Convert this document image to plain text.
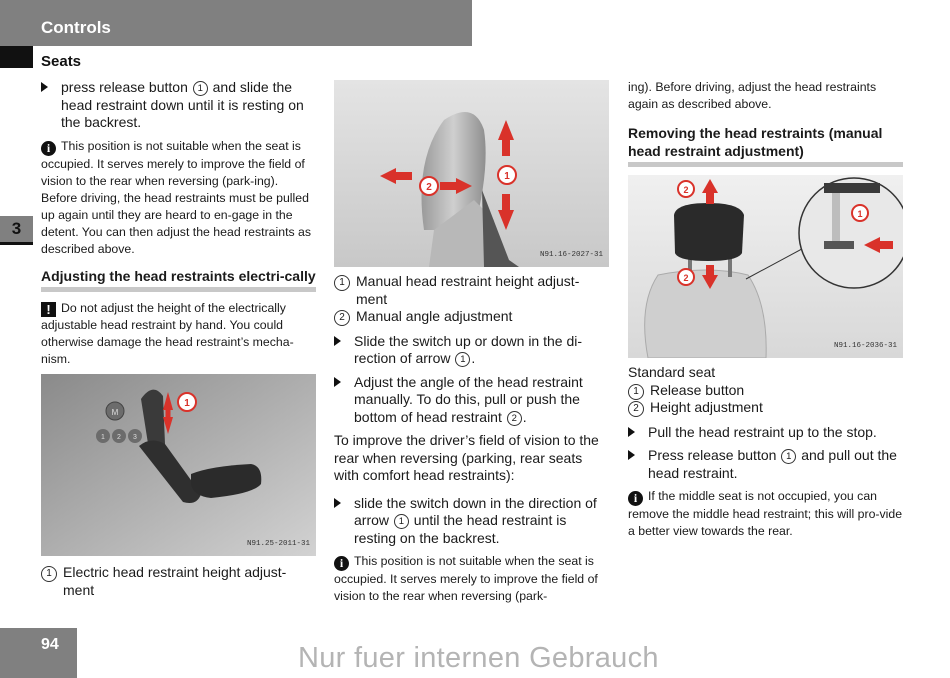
Controls
Seats
3

press release button 1 and slide the head restraint down until it is resting on the backrest.

i This position is not suitable when the seat is occupied. It serves merely to improve the field of vision to the rear when reversing (park-ing). Before driving, the head restraints must be pulled up again until they are heard to en-gage in the detent. You can then adjust the head restraints as described above.

Adjusting the head restraints electri-cally

! Do not adjust the height of the electrically adjustable head restraint by hand. You could otherwise damage the head restraint’s mecha-nism.

M
1 2 3
1
N91.25-2011-31

1 Electric head restraint height adjust-ment

2
1
N91.16-2027-31

1 Manual head restraint height adjust-ment

2 Manual angle adjustment

Slide the switch up or down in the di-rection of arrow 1 .

Adjust the angle of the head restraint manually. To do this, pull or push the bottom of head restraint 2 .

To improve the driver’s field of vision to the rear when reversing (parking, rear seats with comfort head restraints):

slide the switch down in the direction of arrow 1 until the head restraint is resting on the backrest.

i This position is not suitable when the seat is occupied. It serves merely to improve the field of vision to the rear when reversing (park-

ing). Before driving, adjust the head restraints again as described above.

Removing the head restraints (manual head restraint adjustment)
2
2
1
N91.16-2036-31

Standard seat

1 Release button

2 Height adjustment

Pull the head restraint up to the stop.

Press release button 1 and pull out the head restraint.

i If the middle seat is not occupied, you can remove the middle head restraint; this will pro-vide a better view towards the rear.

94	Nur fuer internen Gebrauch
